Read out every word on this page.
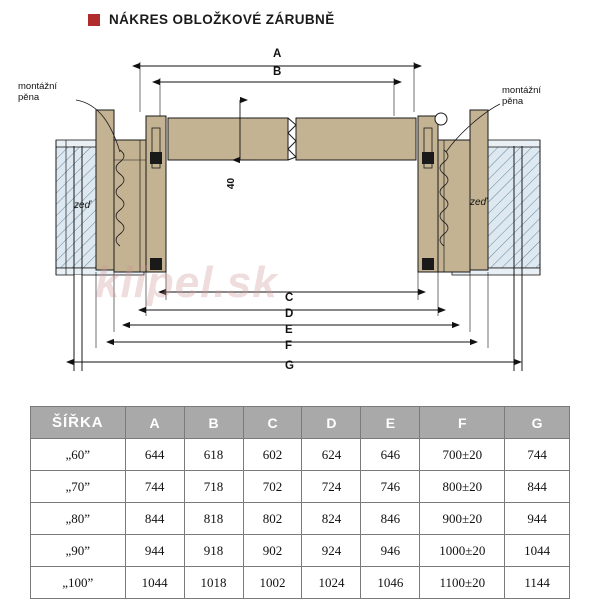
NÁKRES OBLOŽKOVÉ ZÁRUBNĚ
klipel.sk
montážní
pěna
montážní
pěna
zeď	zeď
40
A
B
C
D
E
F
G
ŠÍŘKA	A	B	C	D	E	F	G
„60”	644	618	602	624	646	700±20	744
„70”	744	718	702	724	746	800±20	844
„80”	844	818	802	824	846	900±20	944
„90”	944	918	902	924	946	1000±20	1044
„100”	1044	1018	1002	1024	1046	1100±20	1144
